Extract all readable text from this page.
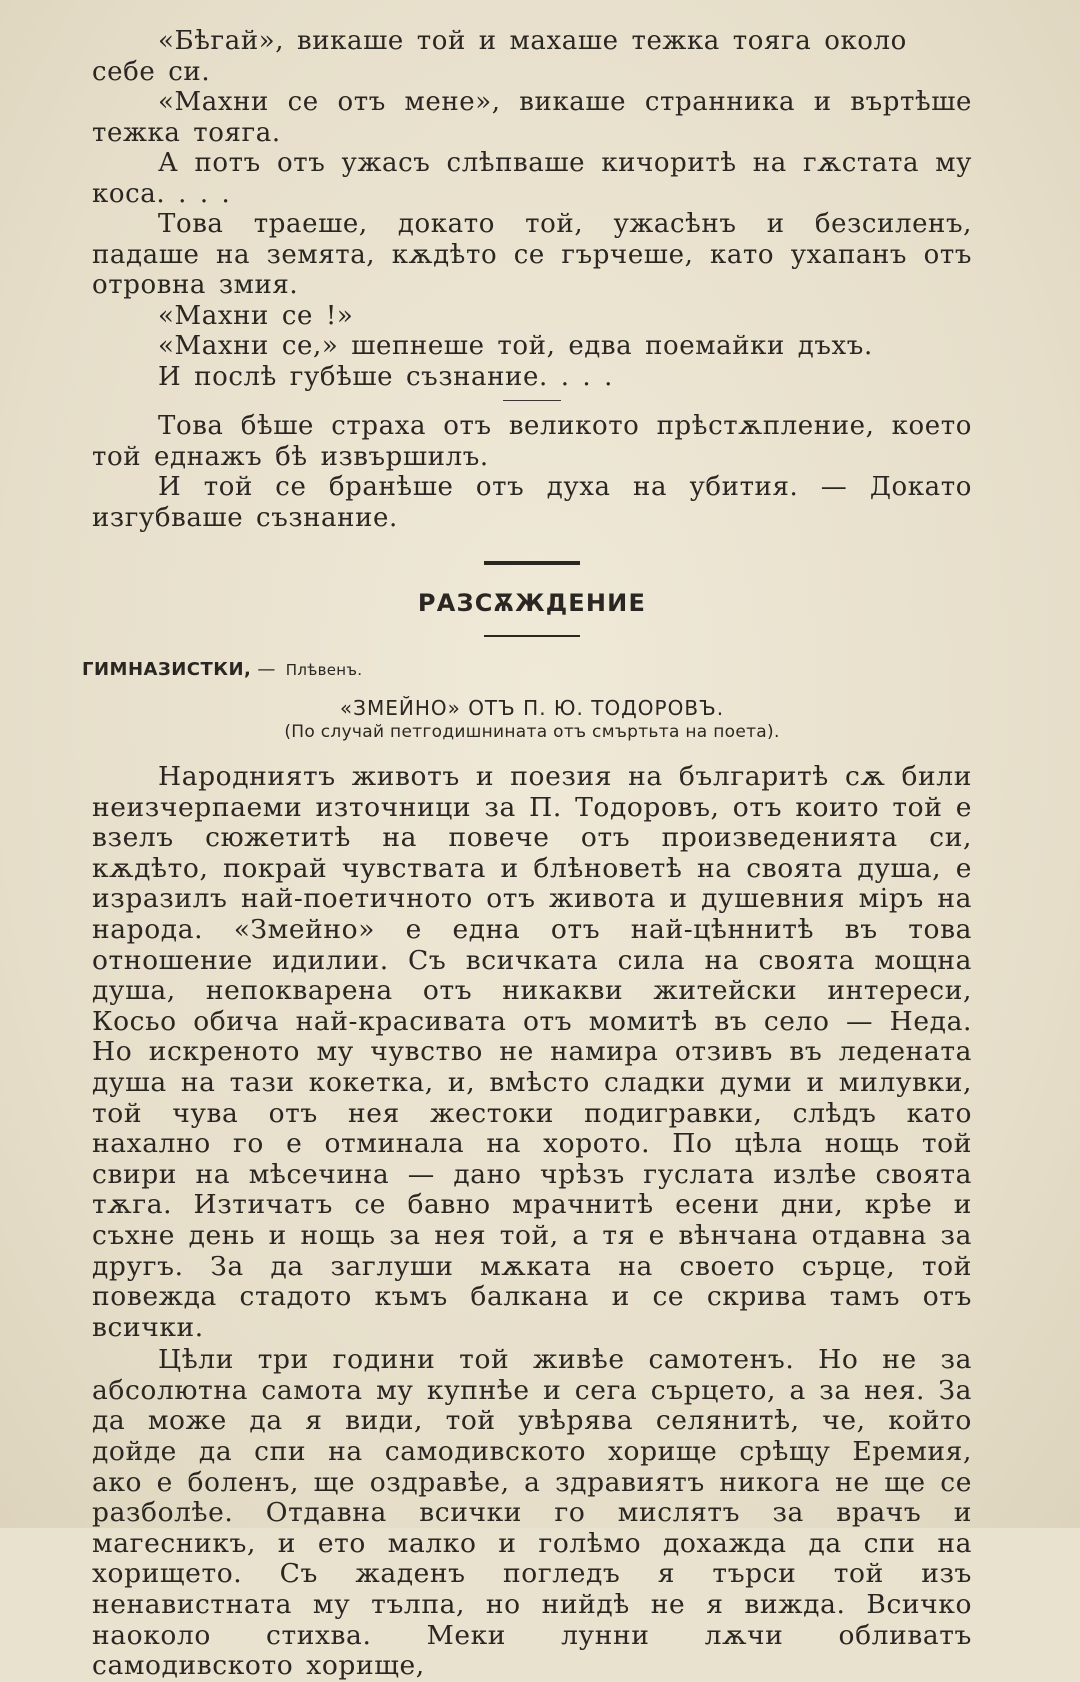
«Бѣгай», викаше той и махаше тежка тояга около себе си.

«Махни се отъ мене», викаше странника и въртѣше тежка тояга.

А потъ отъ ужасъ слѣпваше кичоритѣ на гѫстата му коса. . . .

Това траеше, докато той, ужасѣнъ и безсиленъ, падаше на земята, кѫдѣто се гърчеше, като ухапанъ отъ отровна змия.

«Махни се !»

«Махни се,» шепнеше той, едва поемайки дъхъ.

И послѣ губѣше съзнание. . . .

Това бѣше страха отъ великото прѣстѫпление, което той еднажъ бѣ извършилъ.

И той се бранѣше отъ духа на убития. — Докато изгубваше съзнание.

РАЗСѪЖДЕНИЕ
ГИМНАЗИСТКИ, — Плѣвенъ.
«ЗМЕЙНО» ОТЪ П. Ю. ТОДОРОВЪ.
(По случай петгодишнината отъ смъртьта на поета).

Народниятъ животъ и поезия на българитѣ сѫ били неизчерпаеми източници за П. Тодоровъ, отъ които той е взелъ сюжетитѣ на повече отъ произведенията си, кѫдѣто, покрай чувствата и блѣноветѣ на своята душа, е изразилъ най-поетичното отъ живота и душевния мiръ на народа. «Змейно» е една отъ най-цѣннитѣ въ това отношение идилии. Съ всичката сила на своята мощна душа, непокварена отъ никакви житейски интереси, Косьо обича най-красивата отъ момитѣ въ село — Неда. Но искреното му чувство не намира отзивъ въ ледената душа на тази кокетка, и, вмѣсто сладки думи и милувки, той чува отъ нея жестоки подигравки, слѣдъ като нахално го е отминала на хорото. По цѣла нощь той свири на мѣсечина — дано чрѣзъ гуслата излѣе своята тѫга. Изтичатъ се бавно мрачнитѣ есени дни, крѣе и съхне день и нощь за нея той, а тя е вѣнчана отдавна за другъ. За да заглуши мѫката на своето сърце, той повежда стадото къмъ балкана и се скрива тамъ отъ всички.

Цѣли три години той живѣе самотенъ. Но не за абсолютна самота му купнѣе и сега сърцето, а за нея. За да може да я види, той увѣрява селянитѣ, че, който дойде да спи на самодивското хорище срѣщу Еремия, ако е боленъ, ще оздравѣе, а здравиятъ никога не ще се разболѣе. Отдавна всички го мислятъ за врачъ и магесникъ, и ето малко и голѣмо дохажда да спи на хорището. Съ жаденъ погледъ я търси той изъ ненавистната му тълпа, но нийдѣ не я вижда. Всичко наоколо стихва. Меки лунни лѫчи обливатъ самодивското хорище,
